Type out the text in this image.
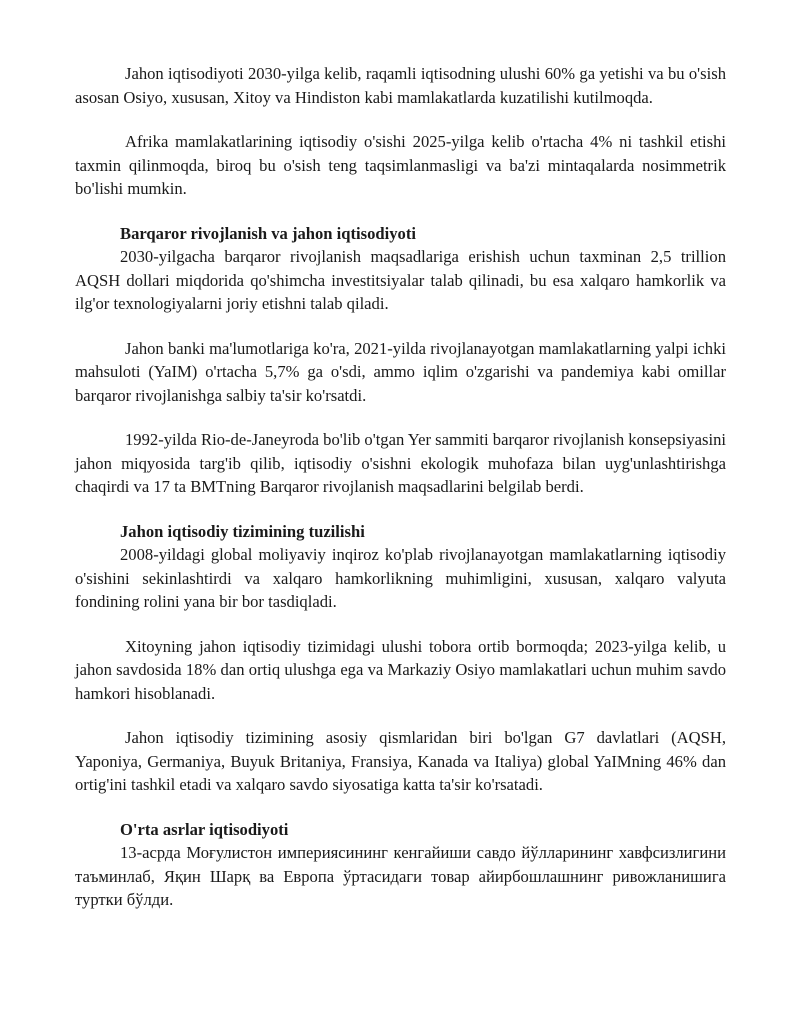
Jahon iqtisodiyoti 2030-yilga kelib, raqamli iqtisodning ulushi 60% ga yetishi va bu o'sish asosan Osiyo, xususan, Xitoy va Hindiston kabi mamlakatlarda kuzatilishi kutilmoqda.

Afrika mamlakatlarining iqtisodiy o'sishi 2025-yilga kelib o'rtacha 4% ni tashkil etishi taxmin qilinmoqda, biroq bu o'sish teng taqsimlanmasligi va ba'zi mintaqalarda nosimmetrik bo'lishi mumkin.

Barqaror rivojlanish va jahon iqtisodiyoti

2030-yilgacha barqaror rivojlanish maqsadlariga erishish uchun taxminan 2,5 trillion AQSH dollari miqdorida qo'shimcha investitsiyalar talab qilinadi, bu esa xalqaro hamkorlik va ilg'or texnologiyalarni joriy etishni talab qiladi.

Jahon banki ma'lumotlariga ko'ra, 2021-yilda rivojlanayotgan mamlakatlarning yalpi ichki mahsuloti (YaIM) o'rtacha 5,7% ga o'sdi, ammo iqlim o'zgarishi va pandemiya kabi omillar barqaror rivojlanishga salbiy ta'sir ko'rsatdi.

1992-yilda Rio-de-Janeyroda bo'lib o'tgan Yer sammiti barqaror rivojlanish konsepsiyasini jahon miqyosida targ'ib qilib, iqtisodiy o'sishni ekologik muhofaza bilan uyg'unlashtirishga chaqirdi va 17 ta BMTning Barqaror rivojlanish maqsadlarini belgilab berdi.

Jahon iqtisodiy tizimining tuzilishi

2008-yildagi global moliyaviy inqiroz ko'plab rivojlanayotgan mamlakatlarning iqtisodiy o'sishini sekinlashtirdi va xalqaro hamkorlikning muhimligini, xususan, xalqaro valyuta fondining rolini yana bir bor tasdiqladi.

Xitoyning jahon iqtisodiy tizimidagi ulushi tobora ortib bormoqda; 2023-yilga kelib, u jahon savdosida 18% dan ortiq ulushga ega va Markaziy Osiyo mamlakatlari uchun muhim savdo hamkori hisoblanadi.

Jahon iqtisodiy tizimining asosiy qismlaridan biri bo'lgan G7 davlatlari (AQSH, Yaponiya, Germaniya, Buyuk Britaniya, Fransiya, Kanada va Italiya) global YaIMning 46% dan ortig'ini tashkil etadi va xalqaro savdo siyosatiga katta ta'sir ko'rsatadi.

O'rta asrlar iqtisodiyoti

13-асрда Моғулистон империясининг кенгайиши савдо йўлларининг хавфсизлигини таъминлаб, Яқин Шарқ ва Европа ўртасидаги товар айирбошлашнинг ривожланишига туртки бўлди.
